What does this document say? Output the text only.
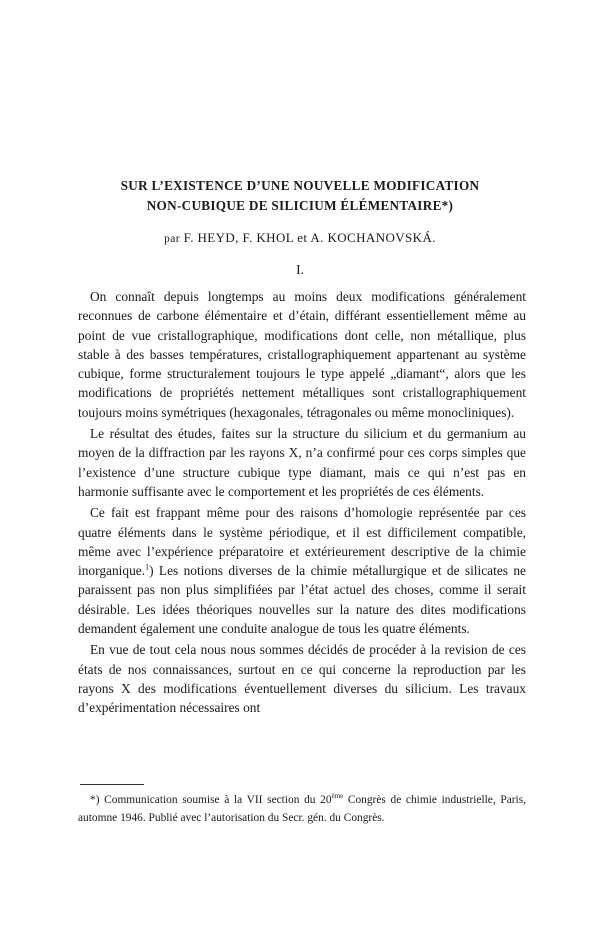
SUR L’EXISTENCE D’UNE NOUVELLE MODIFICATION
NON-CUBIQUE DE SILICIUM ÉLÉMENTAIRE*)

par F. HEYD, F. KHOL et A. KOCHANOVSKÁ.

I.

On connaît depuis longtemps au moins deux modifications généralement reconnues de carbone élémentaire et d’étain, différant essentiellement même au point de vue cristallographique, modifications dont celle, non métallique, plus stable à des basses températures, cristallographiquement appartenant au système cubique, forme structuralement toujours le type appelé „diamant“, alors que les modifications de propriétés nettement métalliques sont cristallographiquement toujours moins symétriques (hexagonales, tétragonales ou même monocliniques).

Le résultat des études, faites sur la structure du silicium et du germanium au moyen de la diffraction par les rayons X, n’a confirmé pour ces corps simples que l’existence d’une structure cubique type diamant, mais ce qui n’est pas en harmonie suffisante avec le comportement et les propriétés de ces éléments.

Ce fait est frappant même pour des raisons d’homologie représentée par ces quatre éléments dans le système périodique, et il est difficilement compatible, même avec l’expérience préparatoire et extérieurement descriptive de la chimie inorganique.$^1$) Les notions diverses de la chimie métallurgique et de silicates ne paraissent pas non plus simplifiées par l’état actuel des choses, comme il serait désirable. Les idées théoriques nouvelles sur la nature des dites modifications demandent également une conduite analogue de tous les quatre éléments.

En vue de tout cela nous nous sommes décidés de procéder à la revision de ces états de nos connaissances, surtout en ce qui concerne la reproduction par les rayons X des modifications éventuellement diverses du silicium. Les travaux d’expérimentation nécessaires ont

*) Communication soumise à la VII section du 20ème Congrès de chimie industrielle, Paris, automne 1946. Publié avec l’autorisation du Secr. gén. du Congrès.
